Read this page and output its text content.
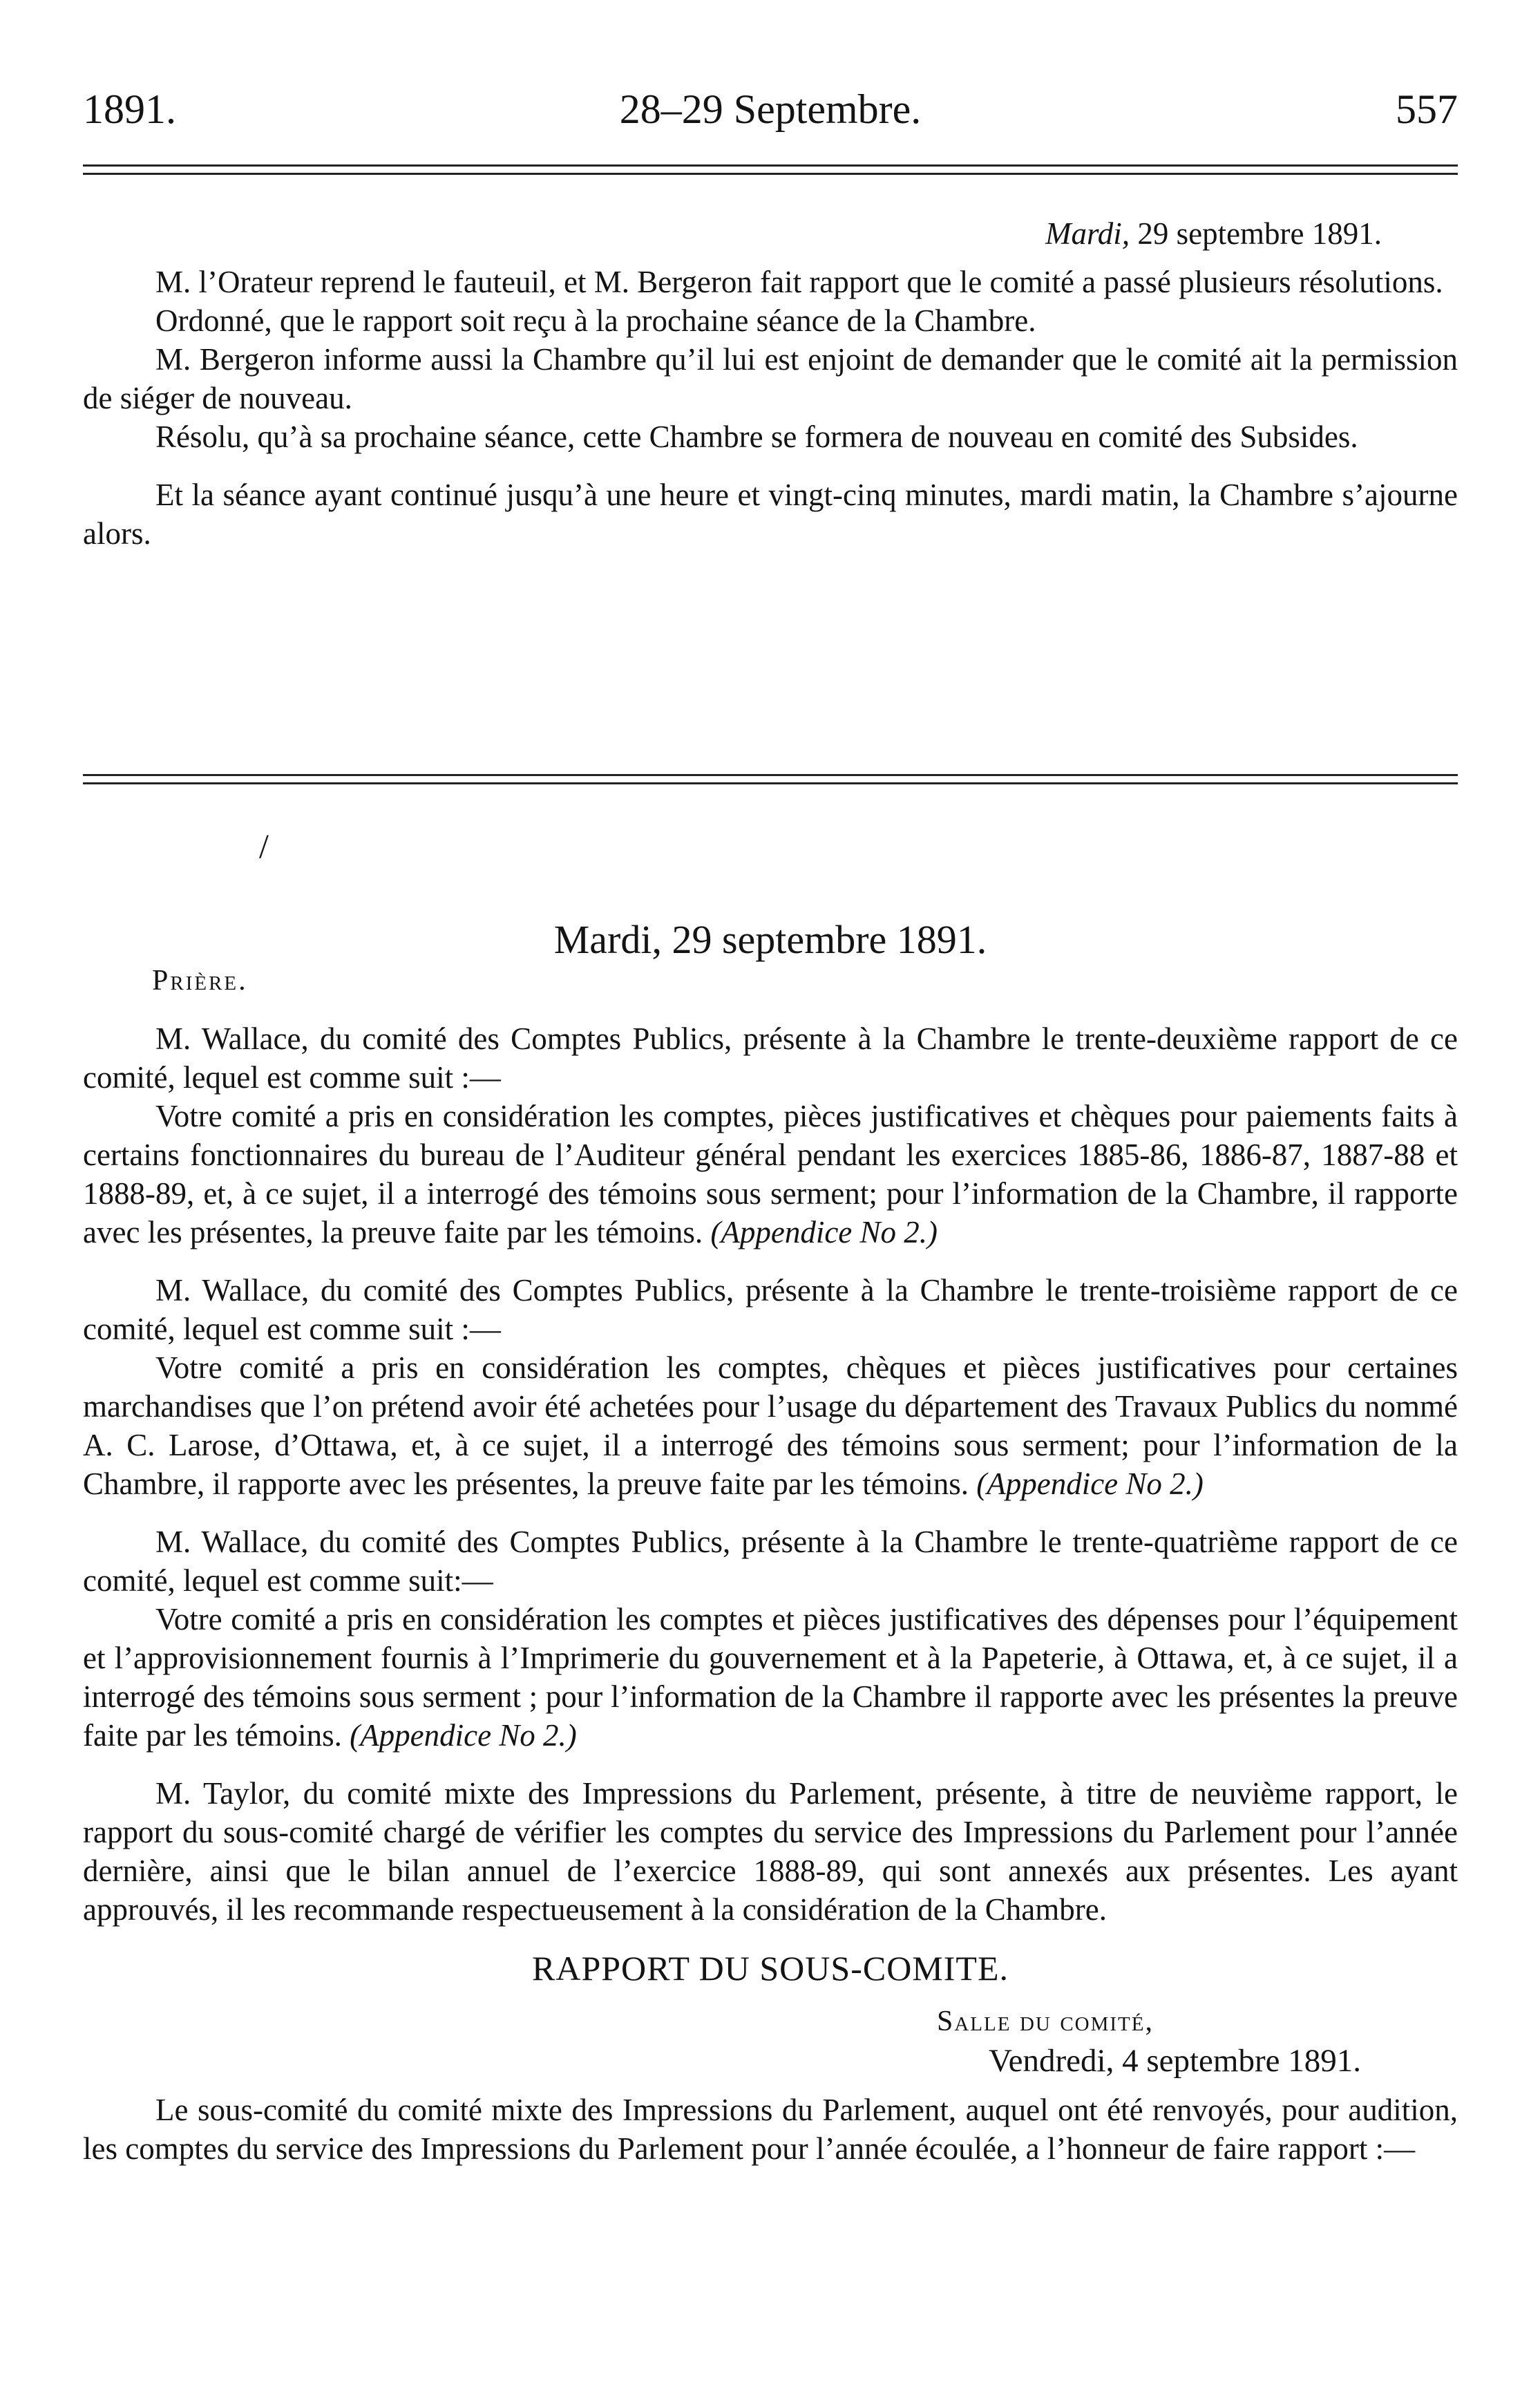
1891.	28–29 Septembre.	557
Mardi, 29 septembre 1891.

M. l’Orateur reprend le fauteuil, et M. Bergeron fait rapport que le comité a passé plusieurs résolutions.

Ordonné, que le rapport soit reçu à la prochaine séance de la Chambre.

M. Bergeron informe aussi la Chambre qu’il lui est enjoint de demander que le comité ait la permission de siéger de nouveau.

Résolu, qu’à sa prochaine séance, cette Chambre se formera de nouveau en comité des Subsides.

Et la séance ayant continué jusqu’à une heure et vingt-cinq minutes, mardi matin, la Chambre s’ajourne alors.

/
Mardi, 29 septembre 1891.
Prière.

M. Wallace, du comité des Comptes Publics, présente à la Chambre le trente-deuxième rapport de ce comité, lequel est comme suit :—

Votre comité a pris en considération les comptes, pièces justificatives et chèques pour paiements faits à certains fonctionnaires du bureau de l’Auditeur général pendant les exercices 1885-86, 1886-87, 1887-88 et 1888-89, et, à ce sujet, il a interrogé des témoins sous serment; pour l’information de la Chambre, il rapporte avec les présentes, la preuve faite par les témoins. (Appendice No 2.)

M. Wallace, du comité des Comptes Publics, présente à la Chambre le trente-troisième rapport de ce comité, lequel est comme suit :—

Votre comité a pris en considération les comptes, chèques et pièces justificatives pour certaines marchandises que l’on prétend avoir été achetées pour l’usage du département des Travaux Publics du nommé A. C. Larose, d’Ottawa, et, à ce sujet, il a interrogé des témoins sous serment; pour l’information de la Chambre, il rapporte avec les présentes, la preuve faite par les témoins. (Appendice No 2.)

M. Wallace, du comité des Comptes Publics, présente à la Chambre le trente-quatrième rapport de ce comité, lequel est comme suit:—

Votre comité a pris en considération les comptes et pièces justificatives des dépenses pour l’équipement et l’approvisionnement fournis à l’Imprimerie du gouvernement et à la Papeterie, à Ottawa, et, à ce sujet, il a interrogé des témoins sous serment ; pour l’information de la Chambre il rapporte avec les présentes la preuve faite par les témoins. (Appendice No 2.)

M. Taylor, du comité mixte des Impressions du Parlement, présente, à titre de neuvième rapport, le rapport du sous-comité chargé de vérifier les comptes du service des Impressions du Parlement pour l’année dernière, ainsi que le bilan annuel de l’exercice 1888-89, qui sont annexés aux présentes. Les ayant approuvés, il les recommande respectueusement à la considération de la Chambre.

RAPPORT DU SOUS-COMITE.
Salle du comité,
Vendredi, 4 septembre 1891.

Le sous-comité du comité mixte des Impressions du Parlement, auquel ont été renvoyés, pour audition, les comptes du service des Impressions du Parlement pour l’année écoulée, a l’honneur de faire rapport :—
